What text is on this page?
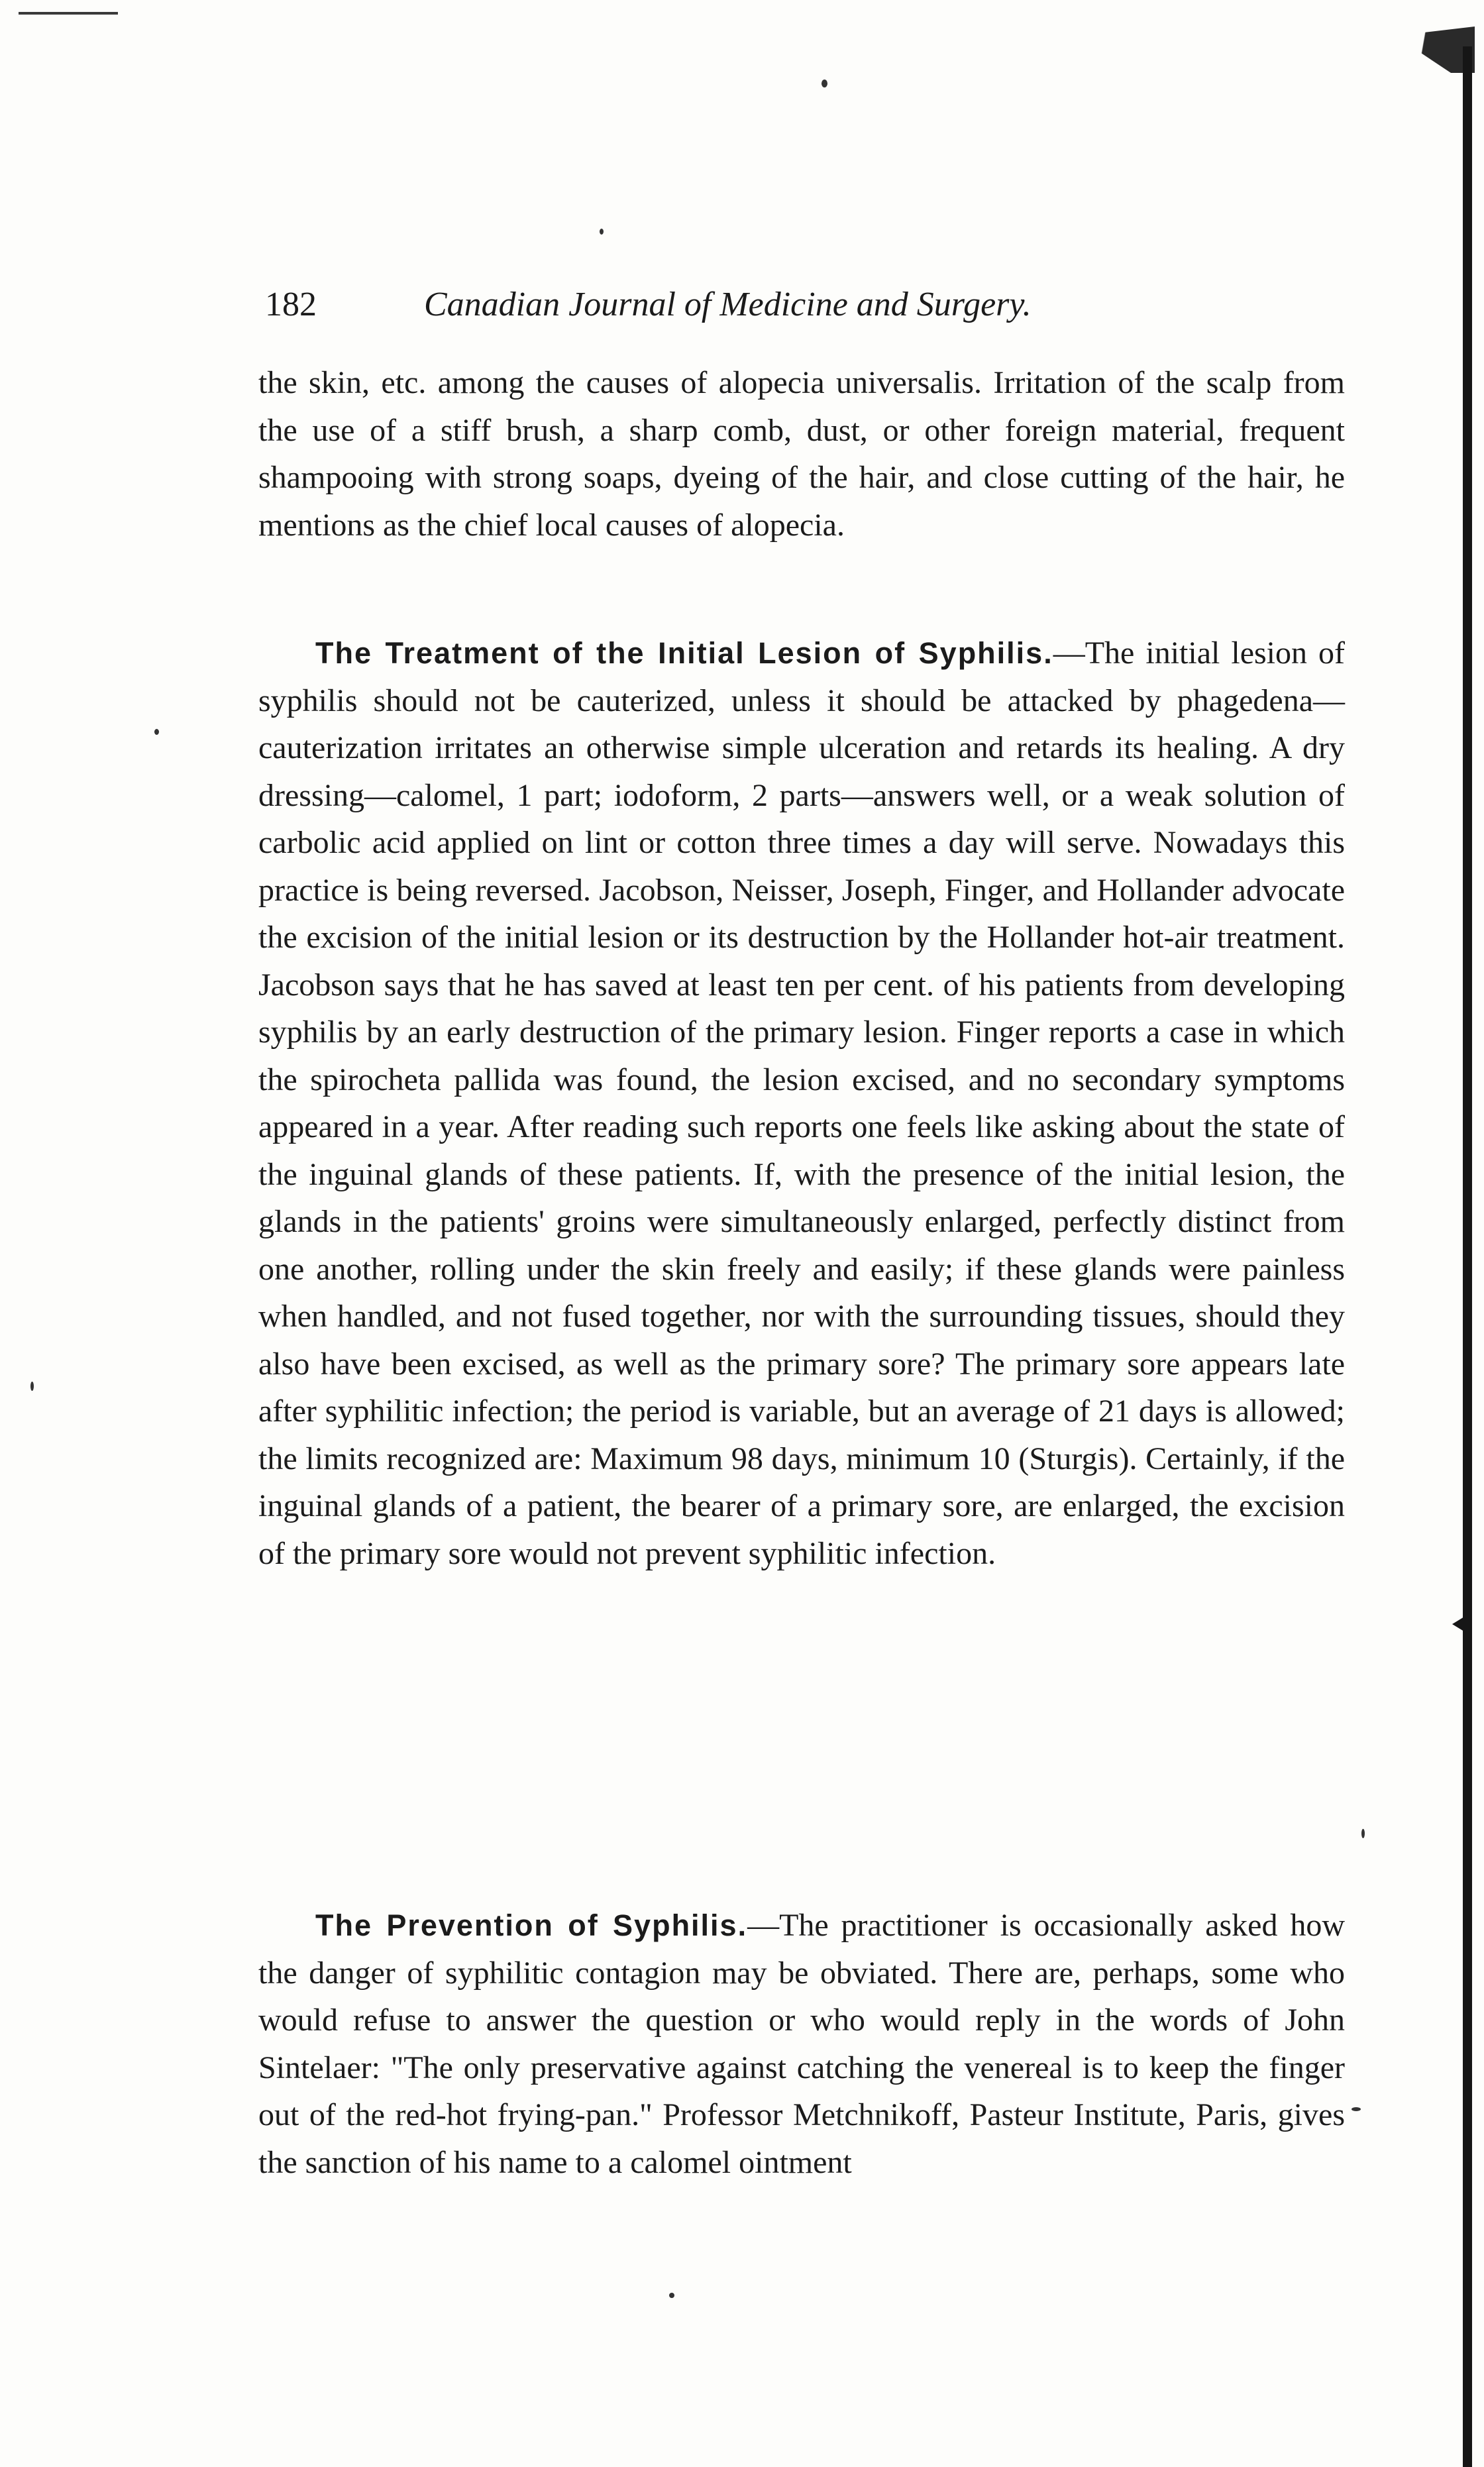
182	Canadian Journal of Medicine and Surgery.

the skin, etc. among the causes of alopecia universalis. Irritation of the scalp from the use of a stiff brush, a sharp comb, dust, or other foreign material, frequent shampooing with strong soaps, dyeing of the hair, and close cutting of the hair, he mentions as the chief local causes of alopecia.

The Treatment of the Initial Lesion of Syphilis.—The initial lesion of syphilis should not be cauterized, unless it should be attacked by phagedena—cauterization irritates an otherwise simple ulceration and retards its healing. A dry dressing—calomel, 1 part; iodoform, 2 parts—answers well, or a weak solution of carbolic acid applied on lint or cotton three times a day will serve. Nowadays this practice is being reversed. Jacobson, Neisser, Joseph, Finger, and Hollander advocate the excision of the initial lesion or its destruction by the Hollander hot-air treatment. Jacobson says that he has saved at least ten per cent. of his patients from developing syphilis by an early destruction of the primary lesion. Finger reports a case in which the spirocheta pallida was found, the lesion excised, and no secondary symptoms appeared in a year. After reading such reports one feels like asking about the state of the inguinal glands of these patients. If, with the presence of the initial lesion, the glands in the patients' groins were simultaneously enlarged, perfectly distinct from one another, rolling under the skin freely and easily; if these glands were painless when handled, and not fused together, nor with the surrounding tissues, should they also have been excised, as well as the primary sore? The primary sore appears late after syphilitic infection; the period is variable, but an average of 21 days is allowed; the limits recognized are: Maximum 98 days, minimum 10 (Sturgis). Certainly, if the inguinal glands of a patient, the bearer of a primary sore, are enlarged, the excision of the primary sore would not prevent syphilitic infection.

The Prevention of Syphilis.—The practitioner is occasionally asked how the danger of syphilitic contagion may be obviated. There are, perhaps, some who would refuse to answer the question or who would reply in the words of John Sintelaer: "The only preservative against catching the venereal is to keep the finger out of the red-hot frying-pan." Professor Metchnikoff, Pasteur Institute, Paris, gives the sanction of his name to a calomel ointment
